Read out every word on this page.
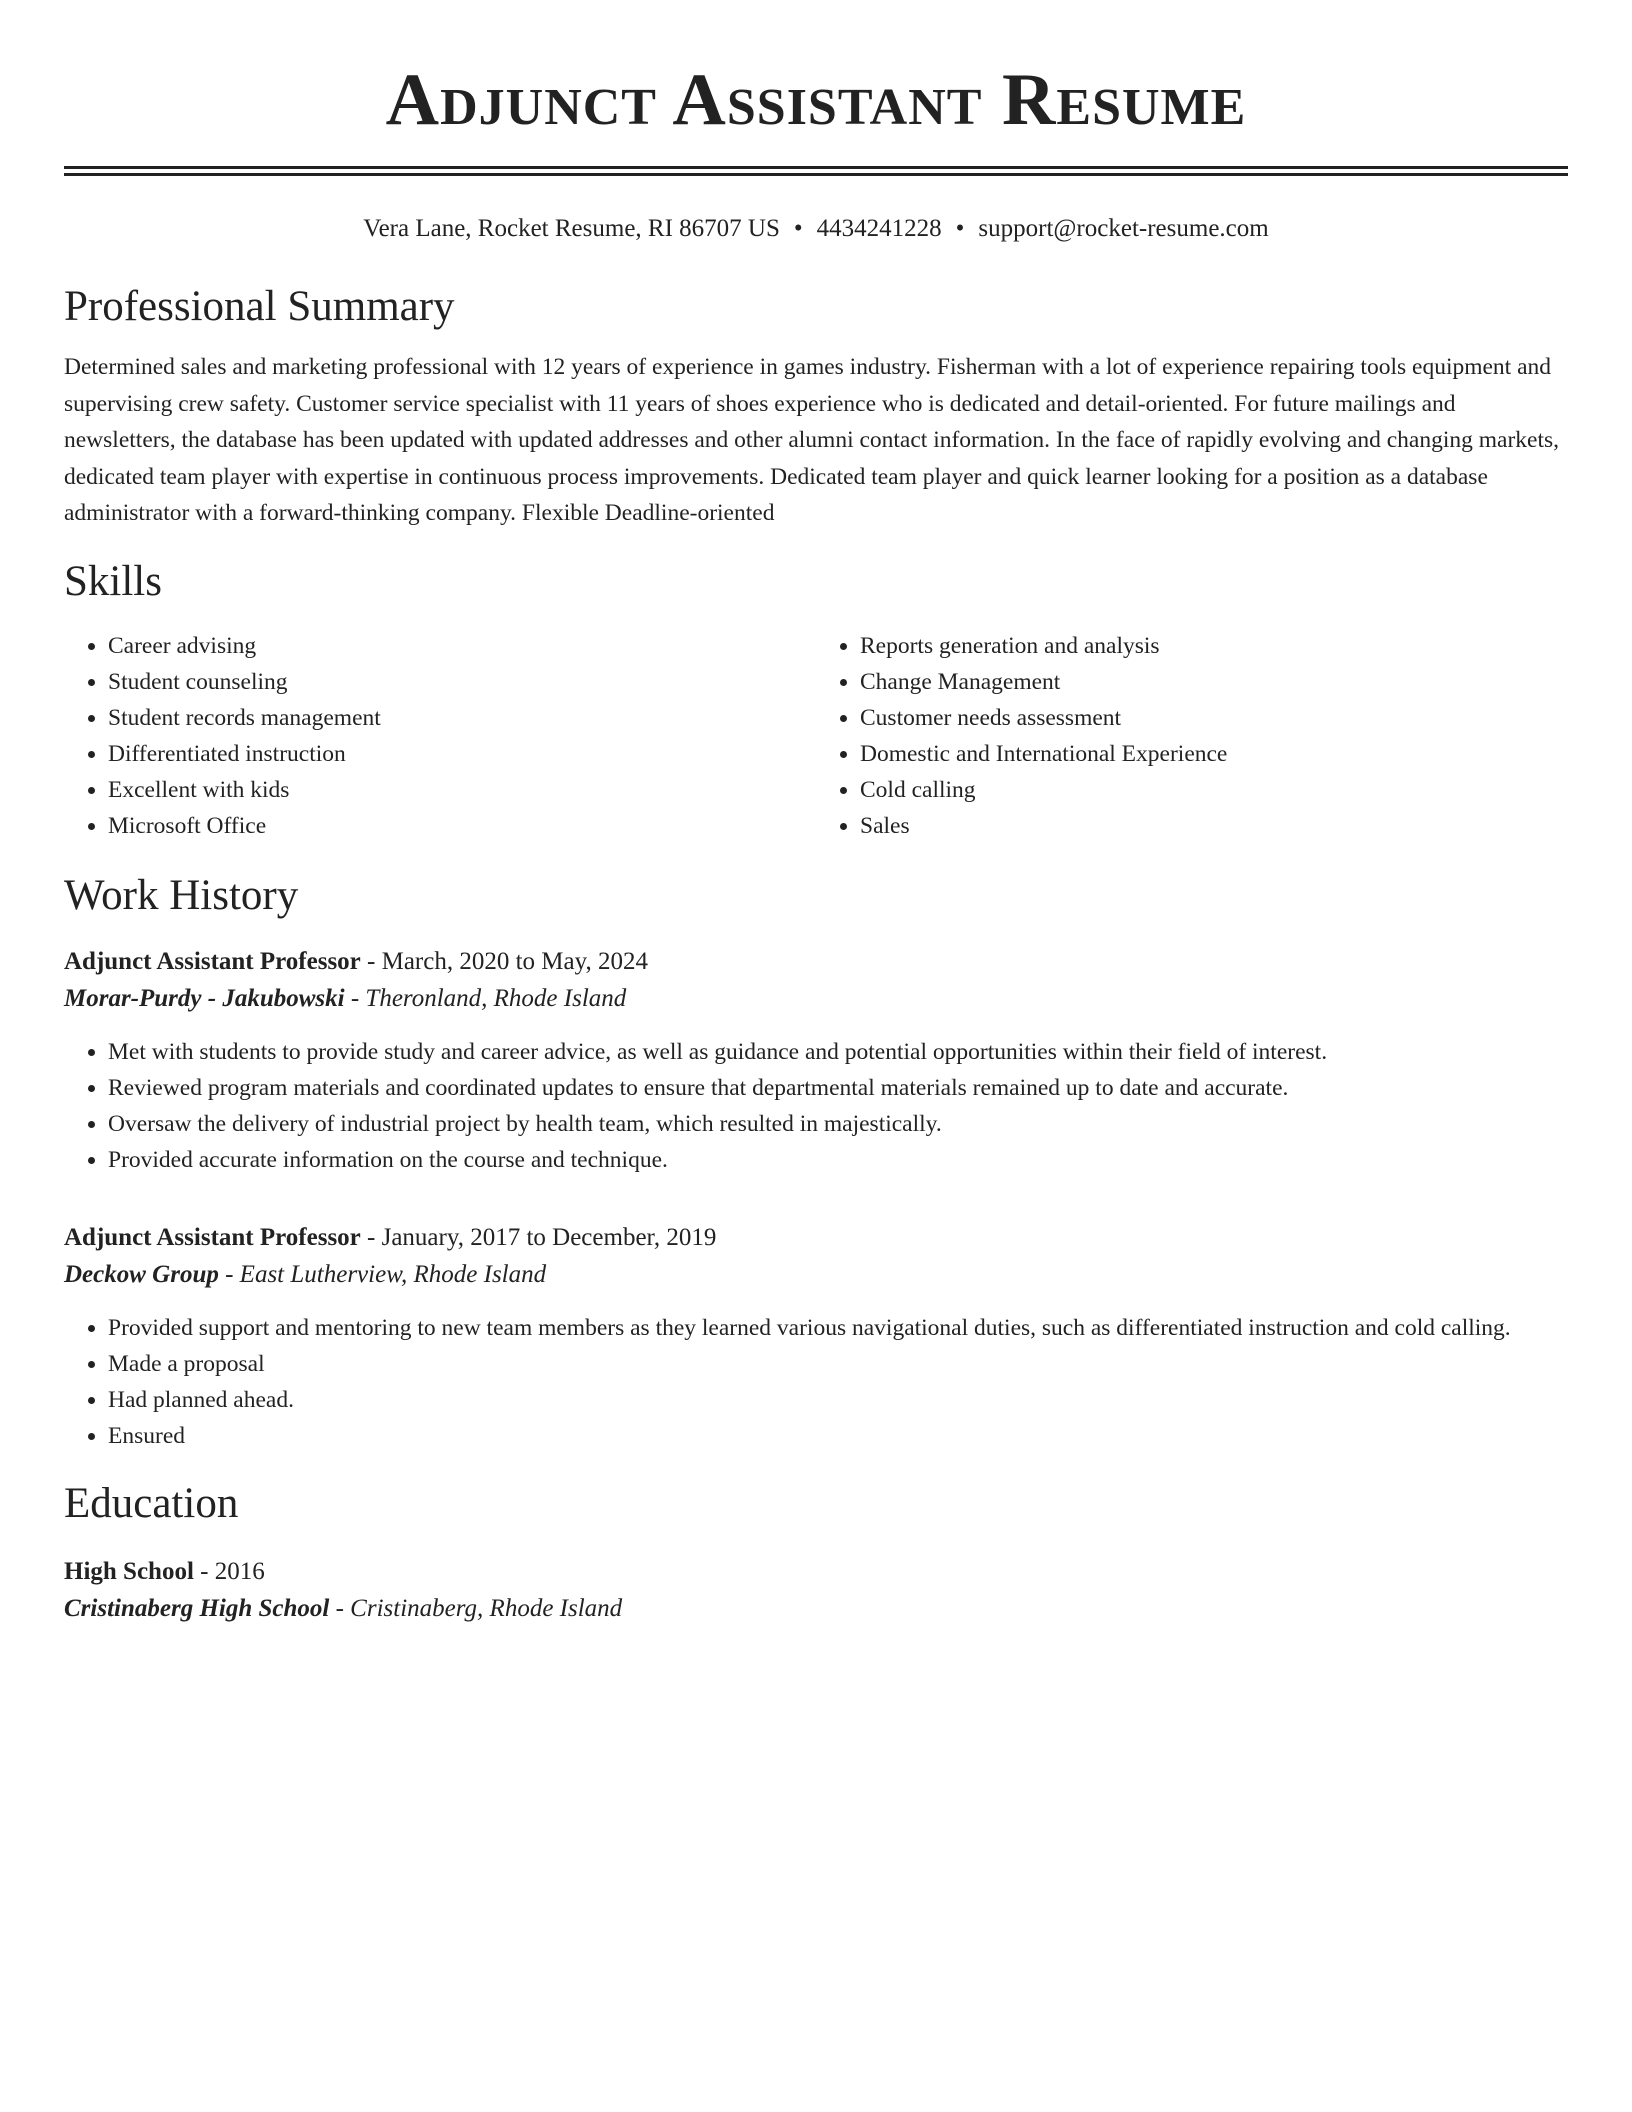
Adjunct Assistant Resume
Vera Lane, Rocket Resume, RI 86707 US • 4434241228 • support@rocket-resume.com
Professional Summary
Determined sales and marketing professional with 12 years of experience in games industry. Fisherman with a lot of experience repairing tools equipment and supervising crew safety. Customer service specialist with 11 years of shoes experience who is dedicated and detail-oriented. For future mailings and newsletters, the database has been updated with updated addresses and other alumni contact information. In the face of rapidly evolving and changing markets, dedicated team player with expertise in continuous process improvements. Dedicated team player and quick learner looking for a position as a database administrator with a forward-thinking company. Flexible Deadline-oriented
Skills
• Career advising
• Student counseling
• Student records management
• Differentiated instruction
• Excellent with kids
• Microsoft Office
• Reports generation and analysis
• Change Management
• Customer needs assessment
• Domestic and International Experience
• Cold calling
• Sales
Work History
Adjunct Assistant Professor - March, 2020 to May, 2024
Morar-Purdy - Jakubowski - Theronland, Rhode Island
• Met with students to provide study and career advice, as well as guidance and potential opportunities within their field of interest.
• Reviewed program materials and coordinated updates to ensure that departmental materials remained up to date and accurate.
• Oversaw the delivery of industrial project by health team, which resulted in majestically.
• Provided accurate information on the course and technique.
Adjunct Assistant Professor - January, 2017 to December, 2019
Deckow Group - East Lutherview, Rhode Island
• Provided support and mentoring to new team members as they learned various navigational duties, such as differentiated instruction and cold calling.
• Made a proposal
• Had planned ahead.
• Ensured
Education
High School - 2016
Cristinaberg High School - Cristinaberg, Rhode Island
